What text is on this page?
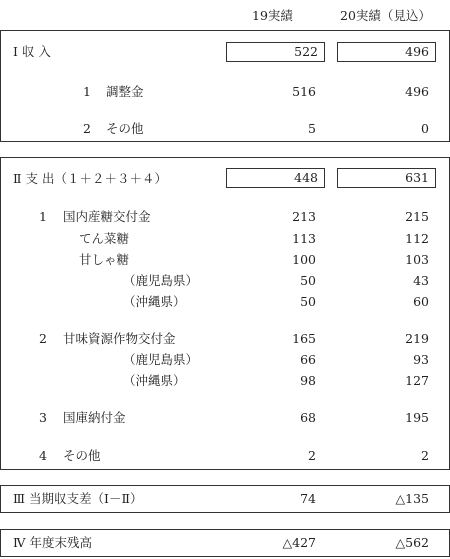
19実績	20実績（見込）
Ⅰ 収 入	522	496
1 調整金	516	496
2 その他	5	0
Ⅱ 支 出（１＋２＋３＋４）	448	631
1 国内産糖交付金	213	215
てん菜糖	113	112
甘しゃ糖	100	103
（鹿児島県）	50	43
（沖縄県）	50	60
2 甘味資源作物交付金	165	219
（鹿児島県）	66	93
（沖縄県）	98	127
3 国庫納付金	68	195
4 その他	2	2
Ⅲ 当期収支差（Ⅰ－Ⅱ）	74	△135
Ⅳ 年度末残高	△427	△562
